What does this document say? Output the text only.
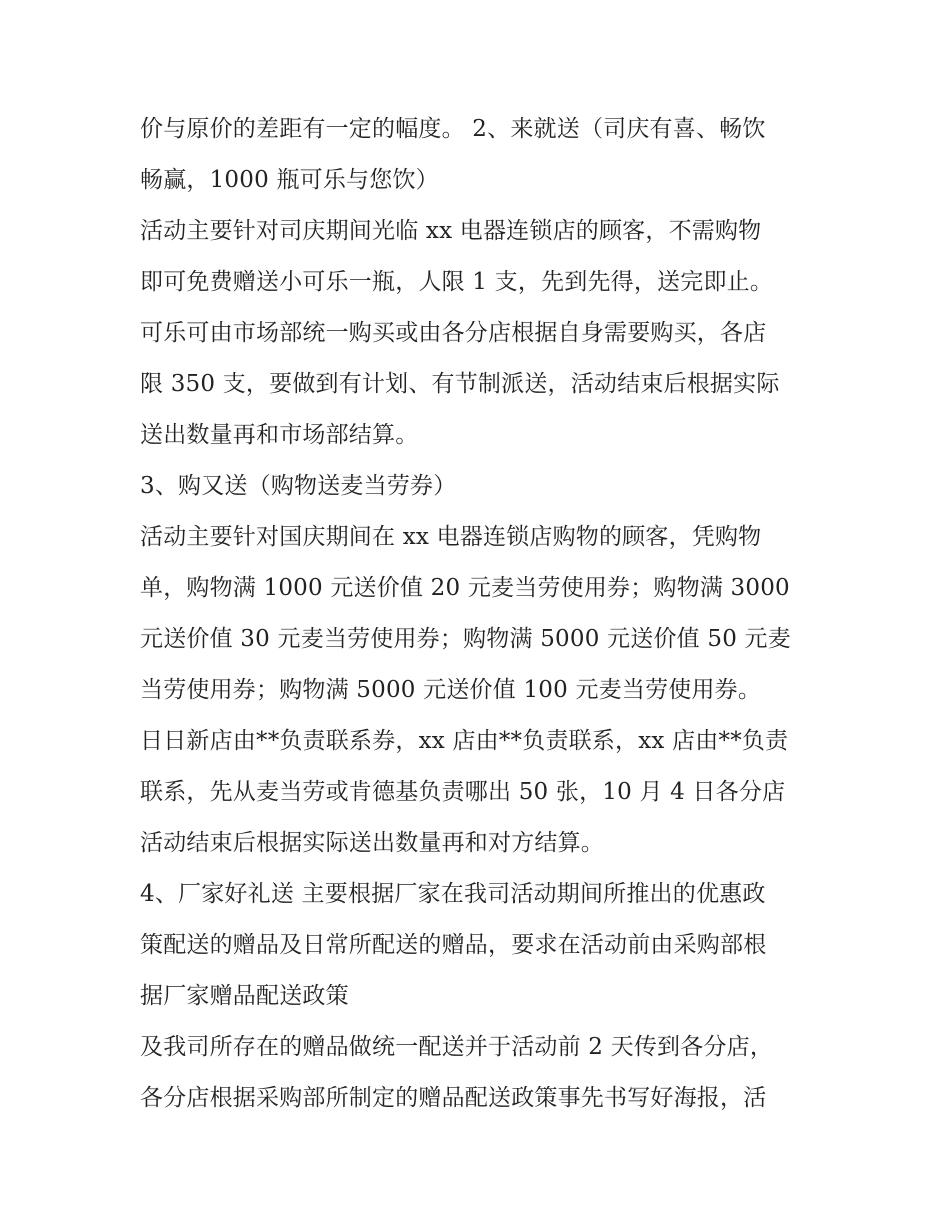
价与原价的差距有一定的幅度。 2、来就送（司庆有喜、畅饮
畅赢，1000 瓶可乐与您饮）
活动主要针对司庆期间光临 xx 电器连锁店的顾客，不需购物
即可免费赠送小可乐一瓶，人限 1 支，先到先得，送完即止。
可乐可由市场部统一购买或由各分店根据自身需要购买，各店
限 350 支，要做到有计划、有节制派送，活动结束后根据实际
送出数量再和市场部结算。
3、购又送（购物送麦当劳券）
活动主要针对国庆期间在 xx 电器连锁店购物的顾客，凭购物
单，购物满 1000 元送价值 20 元麦当劳使用券；购物满 3000
元送价值 30 元麦当劳使用券；购物满 5000 元送价值 50 元麦
当劳使用券；购物满 5000 元送价值 100 元麦当劳使用券。
日日新店由**负责联系券，xx 店由**负责联系，xx 店由**负责
联系，先从麦当劳或肯德基负责哪出 50 张，10 月 4 日各分店
活动结束后根据实际送出数量再和对方结算。
4、厂家好礼送 主要根据厂家在我司活动期间所推出的优惠政
策配送的赠品及日常所配送的赠品，要求在活动前由采购部根
据厂家赠品配送政策
及我司所存在的赠品做统一配送并于活动前 2 天传到各分店，
各分店根据采购部所制定的赠品配送政策事先书写好海报，活
